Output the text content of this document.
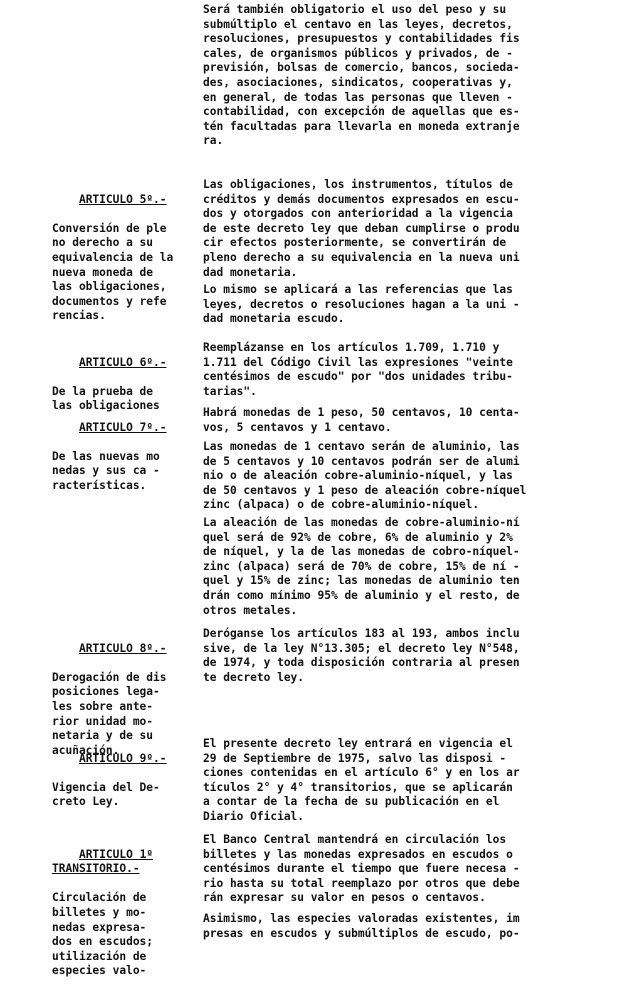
Será también obligatorio el uso del peso y su
submúltiplo el centavo en las leyes, decretos,
resoluciones, presupuestos y contabilidades fis
cales, de organismos públicos y privados, de -
previsión, bolsas de comercio, bancos, socieda-
des, asociaciones, sindicatos, cooperativas y,
en general, de todas las personas que lleven -
contabilidad, con excepción de aquellas que es-
tén facultadas para llevarla en moneda extranje
ra.

ARTICULO 5º.-

Conversión de ple
no derecho a su
equivalencia de la
nueva moneda de
las obligaciones,
documentos y refe
rencias.

Las obligaciones, los instrumentos, títulos de
créditos y demás documentos expresados en escu-
dos y otorgados con anterioridad a la vigencia
de este decreto ley que deban cumplirse o produ
cir efectos posteriormente, se convertirán de
pleno derecho a su equivalencia en la nueva uni
dad monetaria.

Lo mismo se aplicará a las referencias que las
leyes, decretos o resoluciones hagan a la uni -
dad monetaria escudo.

ARTICULO 6º.-

De la prueba de
las obligaciones

Reemplázanse en los artículos 1.709, 1.710 y
1.711 del Código Civil las expresiones "veinte
centésimos de escudo" por "dos unidades tribu-
tarias".

ARTICULO 7º.-

De las nuevas mo
nedas y sus ca -
racterísticas.

Habrá monedas de 1 peso, 50 centavos, 10 centa-
vos, 5 centavos y 1 centavo.

Las monedas de 1 centavo serán de aluminio, las
de 5 centavos y 10 centavos podrán ser de alumi
nio o de aleación cobre-aluminio-níquel, y las
de 50 centavos y 1 peso de aleación cobre-níquel
zinc (alpaca) o de cobre-aluminio-níquel.

La aleación de las monedas de cobre-aluminio-ní
quel será de 92% de cobre, 6% de aluminio y 2%
de níquel, y la de las monedas de cobro-níquel-
zinc (alpaca) será de 70% de cobre, 15% de ní -
quel y 15% de zinc; las monedas de aluminio ten
drán como mínimo 95% de aluminio y el resto, de
otros metales.

ARTICULO 8º.-

Derogación de dis
posiciones lega-
les sobre ante-
rior unidad mo-
netaria y de su
acuñación.

Derógansе los artículos 183 al 193, ambos inclu
sive, de la ley N°13.305; el decreto ley N°548,
de 1974, y toda disposición contraria al presen
te decreto ley.

ARTICULO 9º.-

Vigencia del De-
creto Ley.

El presente decreto ley entrará en vigencia el
29 de Septiembre de 1975, salvo las disposi -
ciones contenidas en el artículo 6° y en los ar
tículos 2° y 4° transitorios, que se aplicarán
a contar de la fecha de su publicación en el
Diario Oficial.

ARTICULO 1º
TRANSITORIO.-

Circulación de
billetes y mo-
nedas expresa-
dos en escudos;
utilización de
especies valo-

El Banco Central mantendrá en circulación los
billetes y las monedas expresados en escudos o
centésimos durante el tiempo que fuere necesa -
rio hasta su total reemplazo por otros que debe
rán expresar su valor en pesos o centavos.

Asimismo, las especies valoradas existentes, im
presas en escudos y submúltiplos de escudo, po-
